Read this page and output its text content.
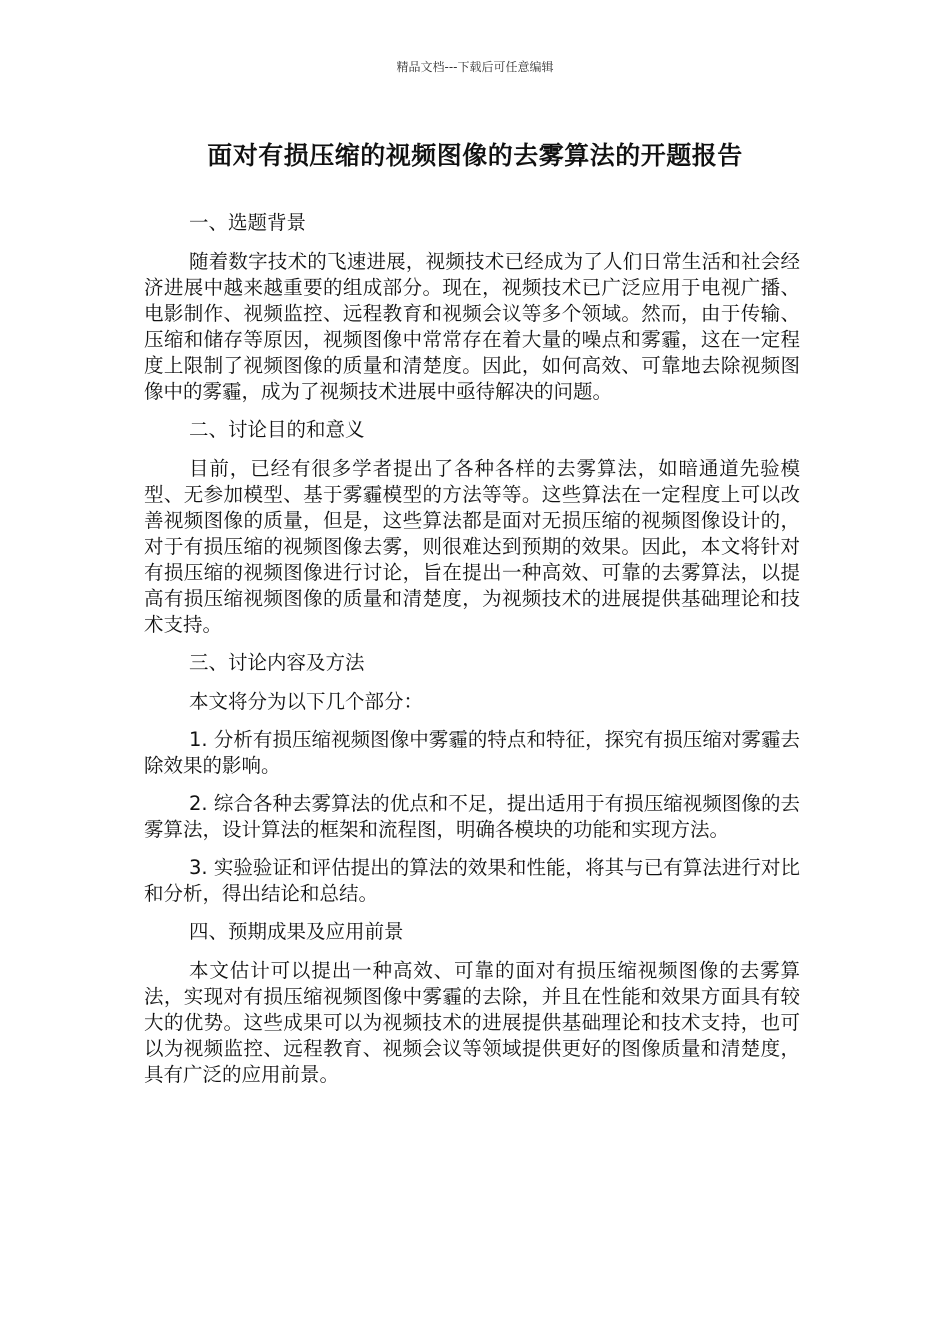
精品文档---下载后可任意编辑
面对有损压缩的视频图像的去雾算法的开题报告

一、选题背景

随着数字技术的飞速进展，视频技术已经成为了人们日常生活和社会经济进展中越来越重要的组成部分。现在，视频技术已广泛应用于电视广播、电影制作、视频监控、远程教育和视频会议等多个领域。然而，由于传输、压缩和储存等原因，视频图像中常常存在着大量的噪点和雾霾，这在一定程度上限制了视频图像的质量和清楚度。因此，如何高效、可靠地去除视频图像中的雾霾，成为了视频技术进展中亟待解决的问题。

二、讨论目的和意义

目前，已经有很多学者提出了各种各样的去雾算法，如暗通道先验模型、无参加模型、基于雾霾模型的方法等等。这些算法在一定程度上可以改善视频图像的质量，但是，这些算法都是面对无损压缩的视频图像设计的，对于有损压缩的视频图像去雾，则很难达到预期的效果。因此，本文将针对有损压缩的视频图像进行讨论，旨在提出一种高效、可靠的去雾算法，以提高有损压缩视频图像的质量和清楚度，为视频技术的进展提供基础理论和技术支持。

三、讨论内容及方法

本文将分为以下几个部分：

1. 分析有损压缩视频图像中雾霾的特点和特征，探究有损压缩对雾霾去除效果的影响。

2. 综合各种去雾算法的优点和不足，提出适用于有损压缩视频图像的去雾算法，设计算法的框架和流程图，明确各模块的功能和实现方法。

3. 实验验证和评估提出的算法的效果和性能，将其与已有算法进行对比和分析，得出结论和总结。

四、预期成果及应用前景

本文估计可以提出一种高效、可靠的面对有损压缩视频图像的去雾算法，实现对有损压缩视频图像中雾霾的去除，并且在性能和效果方面具有较大的优势。这些成果可以为视频技术的进展提供基础理论和技术支持，也可以为视频监控、远程教育、视频会议等领域提供更好的图像质量和清楚度，具有广泛的应用前景。
